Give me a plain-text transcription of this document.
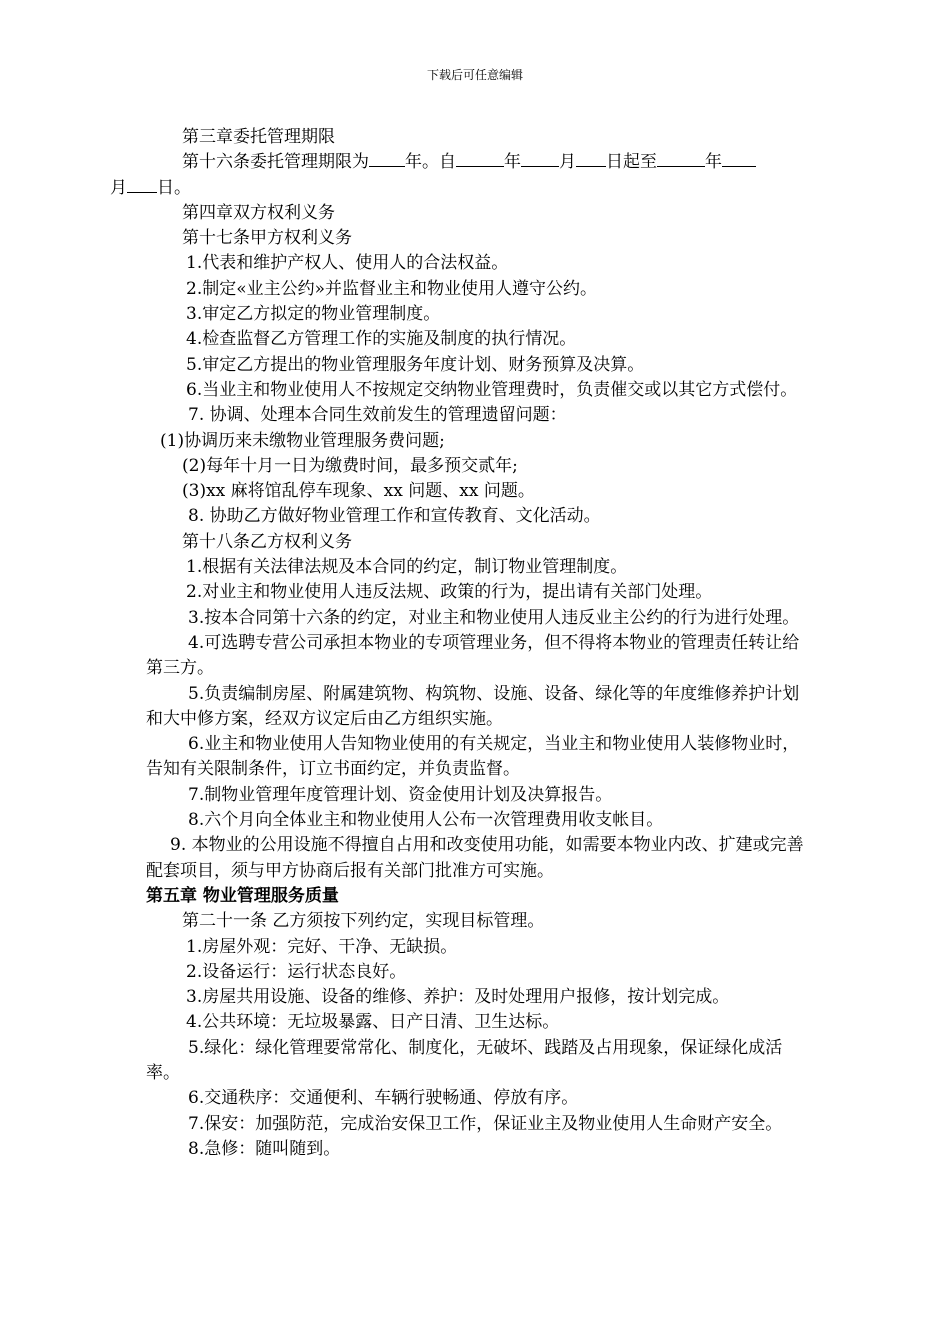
下载后可任意编辑

第三章委托管理期限

第十六条委托管理期限为 年。自	年 月 日起至	年
月 日。

第四章双方权利义务

第十七条甲方权利义务

1.代表和维护产权人、使用人的合法权益。

2.制定«业主公约»并监督业主和物业使用人遵守公约。

3.审定乙方拟定的物业管理制度。

4.检查监督乙方管理工作的实施及制度的执行情况。

5.审定乙方提出的物业管理服务年度计划、财务预算及决算。

6.当业主和物业使用人不按规定交纳物业管理费时，负责催交或以其它方式偿付。

7. 协调、处理本合同生效前发生的管理遗留问题：

(1)协调历来未缴物业管理服务费问题;

(2)每年十月一日为缴费时间，最多预交贰年;

(3)xx 麻将馆乱停车现象、xx 问题、xx 问题。

8. 协助乙方做好物业管理工作和宣传教育、文化活动。

第十八条乙方权利义务

1.根据有关法律法规及本合同的约定，制订物业管理制度。

2.对业主和物业使用人违反法规、政策的行为，提出请有关部门处理。

3.按本合同第十六条的约定，对业主和物业使用人违反业主公约的行为进行处理。

4.可选聘专营公司承担本物业的专项管理业务，但不得将本物业的管理责任转让给第三方。

5.负责编制房屋、附属建筑物、构筑物、设施、设备、绿化等的年度维修养护计划和大中修方案，经双方议定后由乙方组织实施。

6.业主和物业使用人告知物业使用的有关规定，当业主和物业使用人装修物业时，告知有关限制条件，订立书面约定，并负责监督。

7.制物业管理年度管理计划、资金使用计划及决算报告。

8.六个月向全体业主和物业使用人公布一次管理费用收支帐目。

9. 本物业的公用设施不得擅自占用和改变使用功能，如需要本物业内改、扩建或完善配套项目，须与甲方协商后报有关部门批准方可实施。

第五章 物业管理服务质量

第二十一条 乙方须按下列约定，实现目标管理。

1.房屋外观：完好、干净、无缺损。

2.设备运行：运行状态良好。

3.房屋共用设施、设备的维修、养护：及时处理用户报修，按计划完成。

4.公共环境：无垃圾暴露、日产日清、卫生达标。

5.绿化：绿化管理要常常化、制度化，无破坏、践踏及占用现象，保证绿化成活率。

6.交通秩序：交通便利、车辆行驶畅通、停放有序。

7.保安：加强防范，完成治安保卫工作，保证业主及物业使用人生命财产安全。

8.急修：随叫随到。
